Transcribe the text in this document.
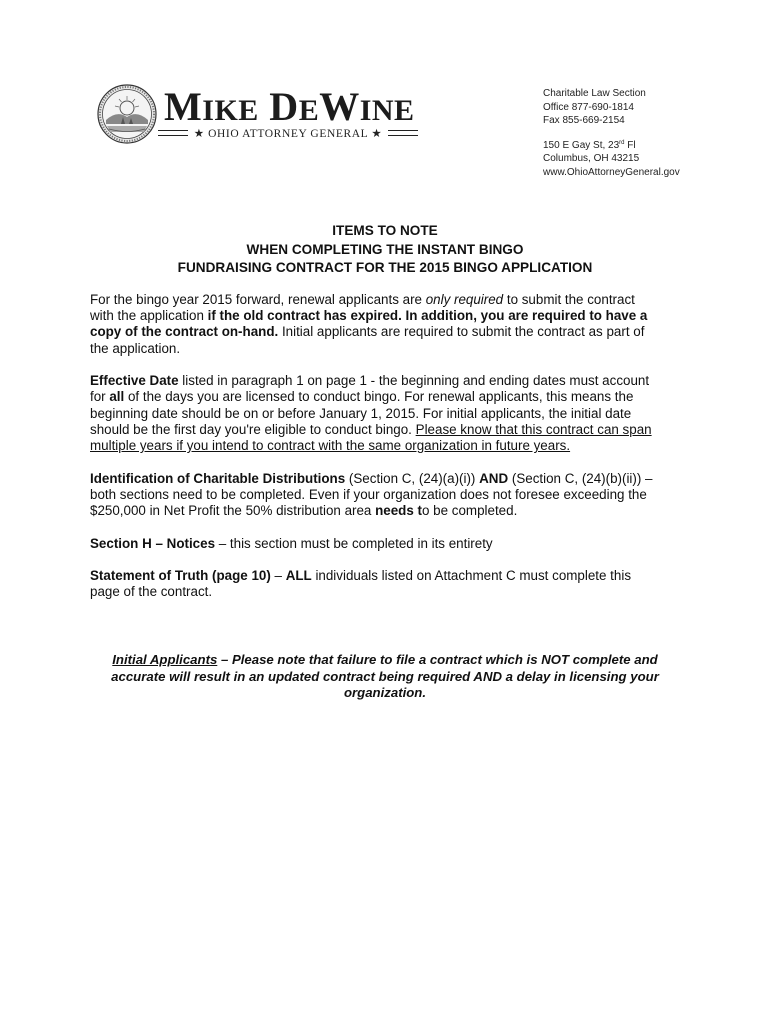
MIKE DEWINE
★ OHIO ATTORNEY GENERAL ★
Charitable Law Section
Office 877-690-1814
Fax 855-669-2154
150 E Gay St, 23rd Fl
Columbus, OH 43215
www.OhioAttorneyGeneral.gov
ITEMS TO NOTE
WHEN COMPLETING THE INSTANT BINGO
FUNDRAISING CONTRACT FOR THE 2015 BINGO APPLICATION
For the bingo year 2015 forward, renewal applicants are only required to submit the contract
with the application if the old contract has expired. In addition, you are required to have a
copy of the contract on-hand. Initial applicants are required to submit the contract as part of
the application.
Effective Date listed in paragraph 1 on page 1 - the beginning and ending dates must account
for all of the days you are licensed to conduct bingo. For renewal applicants, this means the
beginning date should be on or before January 1, 2015. For initial applicants, the initial date
should be the first day you're eligible to conduct bingo. Please know that this contract can span
multiple years if you intend to contract with the same organization in future years.
Identification of Charitable Distributions (Section C, (24)(a)(i)) AND (Section C, (24)(b)(ii)) –
both sections need to be completed. Even if your organization does not foresee exceeding the
$250,000 in Net Profit the 50% distribution area needs to be completed.
Section H – Notices – this section must be completed in its entirety
Statement of Truth (page 10) – ALL individuals listed on Attachment C must complete this
page of the contract.
Initial Applicants – Please note that failure to file a contract which is NOT complete and
accurate will result in an updated contract being required AND a delay in licensing your
organization.
